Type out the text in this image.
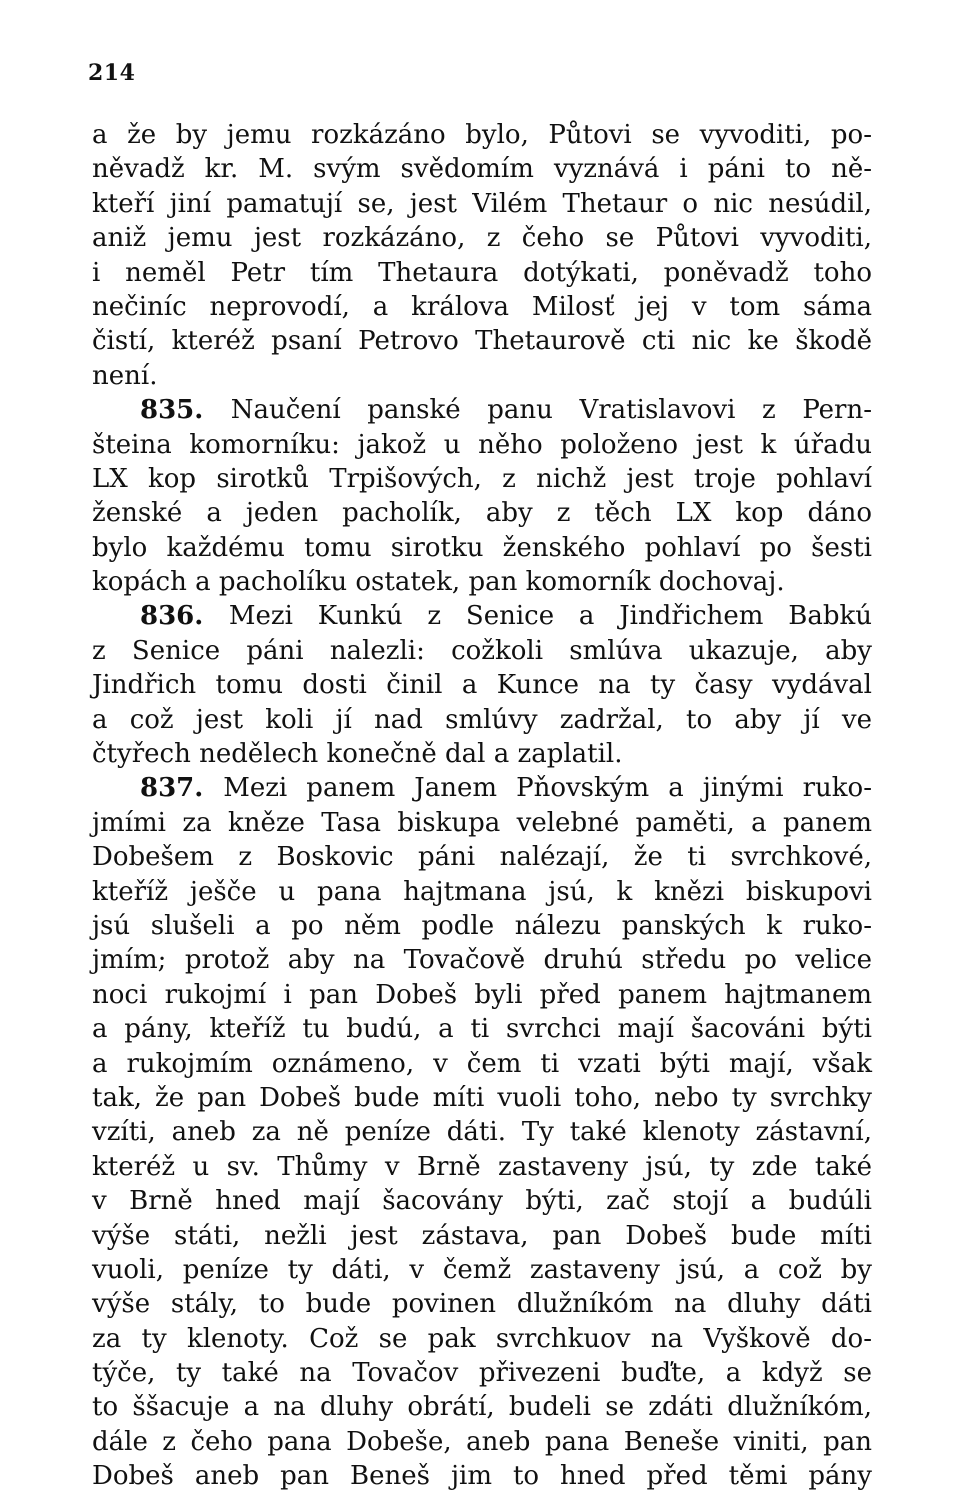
214
a že by jemu rozkázáno bylo, Půtovi se vyvoditi, po-
něvadž kr. M. svým svědomím vyznává i páni to ně-
kteří jiní pamatují se, jest Vilém Thetaur o nic nesúdil,
aniž jemu jest rozkázáno, z čeho se Půtovi vyvoditi,
i neměl Petr tím Thetaura dotýkati, poněvadž toho
nečiníc neprovodí, a králova Milosť jej v tom sáma
čistí, kteréž psaní Petrovo Thetaurově cti nic ke škodě
není.
835. Naučení panské panu Vratislavovi z Pern-
šteina komorníku: jakož u něho položeno jest k úřadu
LX kop sirotků Trpišových, z nichž jest troje pohlaví
ženské a jeden pacholík, aby z těch LX kop dáno
bylo každému tomu sirotku ženského pohlaví po šesti
kopách a pacholíku ostatek, pan komorník dochovaj.
836. Mezi Kunkú z Senice a Jindřichem Babkú
z Senice páni nalezli: cožkoli smlúva ukazuje, aby
Jindřich tomu dosti činil a Kunce na ty časy vydával
a což jest koli jí nad smlúvy zadržal, to aby jí ve
čtyřech nedělech konečně dal a zaplatil.
837. Mezi panem Janem Pňovským a jinými ruko-
jmími za kněze Tasa biskupa velebné paměti, a panem
Dobešem z Boskovic páni nalézají, že ti svrchkové,
kteříž ješče u pana hajtmana jsú, k knězi biskupovi
jsú slušeli a po něm podle nálezu panských k ruko-
jmím; protož aby na Tovačově druhú středu po velice
noci rukojmí i pan Dobeš byli před panem hajtmanem
a pány, kteříž tu budú, a ti svrchci mají šacováni býti
a rukojmím oznámeno, v čem ti vzati býti mají, však
tak, že pan Dobeš bude míti vuoli toho, nebo ty svrchky
vzíti, aneb za ně peníze dáti. Ty také klenoty zástavní,
kteréž u sv. Thůmy v Brně zastaveny jsú, ty zde také
v Brně hned mají šacovány býti, zač stojí a budúli
výše státi, nežli jest zástava, pan Dobeš bude míti
vuoli, peníze ty dáti, v čemž zastaveny jsú, a což by
výše stály, to bude povinen dlužníkóm na dluhy dáti
za ty klenoty. Což se pak svrchkuov na Vyškově do-
týče, ty také na Tovačov přivezeni buďte, a když se
to ššacuje a na dluhy obrátí, budeli se zdáti dlužníkóm,
dále z čeho pana Dobeše, aneb pana Beneše viniti, pan
Dobeš aneb pan Beneš jim to hned před těmi pány
